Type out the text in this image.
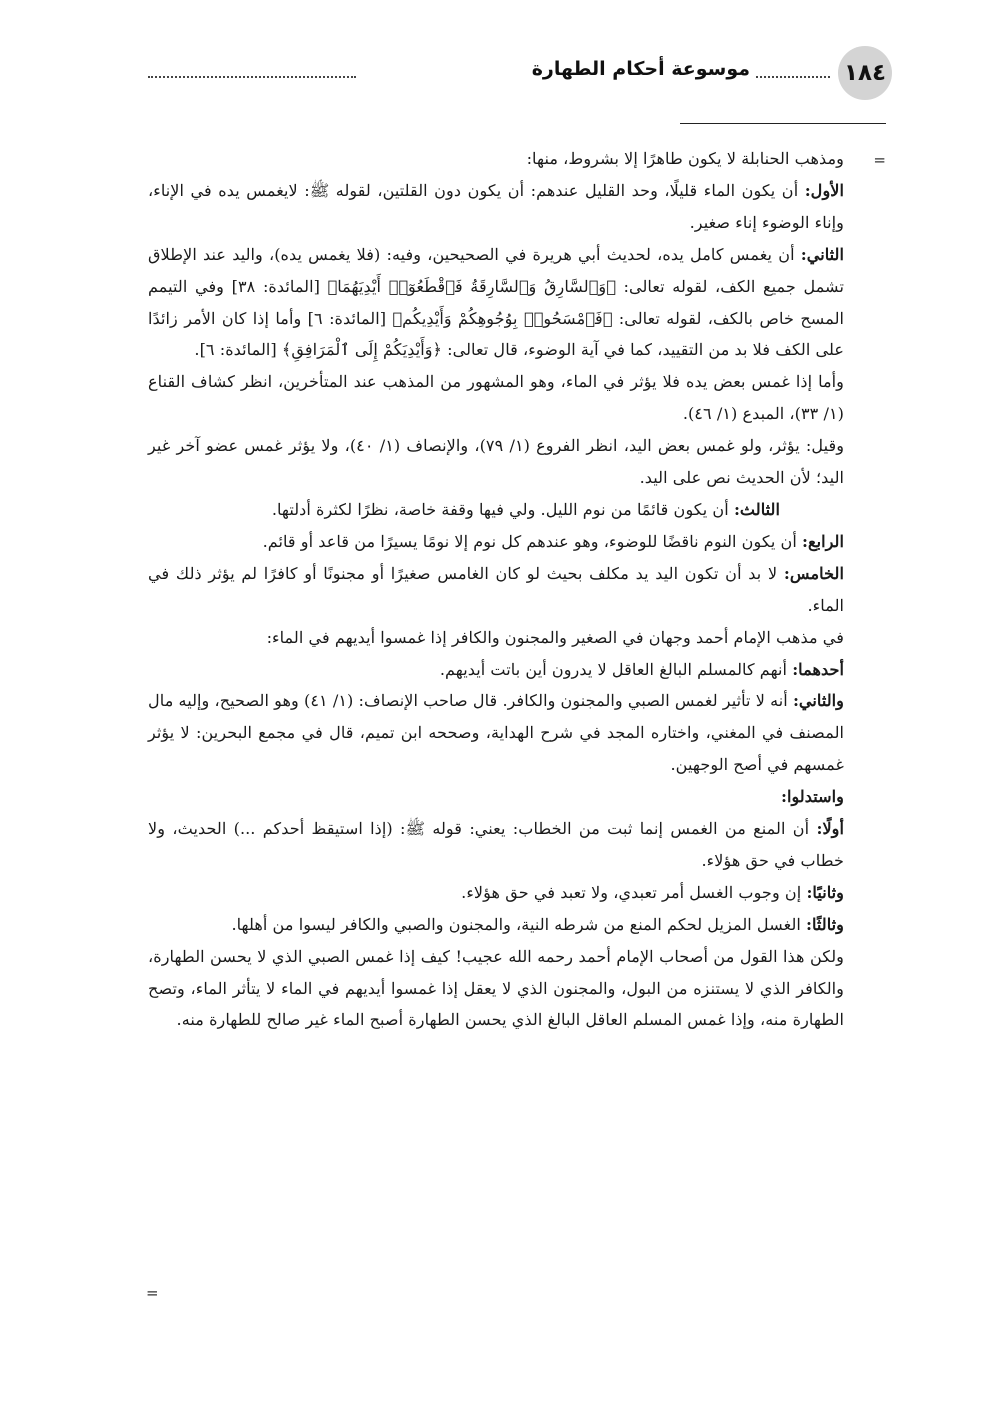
١٨٤
موسوعة أحكام الطهارة
=

ومذهب الحنابلة لا يكون طاهرًا إلا بشروط، منها:

الأول: أن يكون الماء قليلًا، وحد القليل عندهم: أن يكون دون القلتين، لقوله ﷺ: لايغمس يده في الإناء، وإناء الوضوء إناء صغير.

الثاني: أن يغمس كامل يده، لحديث أبي هريرة في الصحيحين، وفيه: (فلا يغمس يده)، واليد عند الإطلاق تشمل جميع الكف، لقوله تعالى: ﴿وَٱلسَّارِقُ وَٱلسَّارِقَةُ فَٱقْطَعُوٓا۟ أَيْدِيَهُمَا﴾ [المائدة: ٣٨] وفي التيمم المسح خاص بالكف، لقوله تعالى: ﴿فَٱمْسَحُوا۟ بِوُجُوهِكُمْ وَأَيْدِيكُم﴾ [المائدة: ٦] وأما إذا كان الأمر زائدًا على الكف فلا بد من التقييد، كما في آية الوضوء، قال تعالى: ﴿وَأَيْدِيَكُمْ إِلَى ٱلْمَرَافِقِ﴾ [المائدة: ٦].

وأما إذا غمس بعض يده فلا يؤثر في الماء، وهو المشهور من المذهب عند المتأخرين، انظر كشاف القناع (١/ ٣٣)، المبدع (١/ ٤٦).

وقيل: يؤثر، ولو غمس بعض اليد، انظر الفروع (١/ ٧٩)، والإنصاف (١/ ٤٠)، ولا يؤثر غمس عضو آخر غير اليد؛ لأن الحديث نص على اليد.

الثالث: أن يكون قائمًا من نوم الليل. ولي فيها وقفة خاصة، نظرًا لكثرة أدلتها.

الرابع: أن يكون النوم ناقضًا للوضوء، وهو عندهم كل نوم إلا نومًا يسيرًا من قاعد أو قائم.

الخامس: لا بد أن تكون اليد يد مكلف بحيث لو كان الغامس صغيرًا أو مجنونًا أو كافرًا لم يؤثر ذلك في الماء.

في مذهب الإمام أحمد وجهان في الصغير والمجنون والكافر إذا غمسوا أيديهم في الماء:

أحدهما: أنهم كالمسلم البالغ العاقل لا يدرون أين باتت أيديهم.

والثاني: أنه لا تأثير لغمس الصبي والمجنون والكافر. قال صاحب الإنصاف: (١/ ٤١) وهو الصحيح، وإليه مال المصنف في المغني، واختاره المجد في شرح الهداية، وصححه ابن تميم، قال في مجمع البحرين: لا يؤثر غمسهم في أصح الوجهين.

واستدلوا:

أولًا: أن المنع من الغمس إنما ثبت من الخطاب: يعني: قوله ﷺ: (إذا استيقظ أحدكم ...) الحديث، ولا خطاب في حق هؤلاء.

وثانيًا: إن وجوب الغسل أمر تعبدي، ولا تعبد في حق هؤلاء.

وثالثًا: الغسل المزيل لحكم المنع من شرطه النية، والمجنون والصبي والكافر ليسوا من أهلها.

ولكن هذا القول من أصحاب الإمام أحمد رحمه الله عجيب! كيف إذا غمس الصبي الذي لا يحسن الطهارة، والكافر الذي لا يستنزه من البول، والمجنون الذي لا يعقل إذا غمسوا أيديهم في الماء لا يتأثر الماء، وتصح الطهارة منه، وإذا غمس المسلم العاقل البالغ الذي يحسن الطهارة أصبح الماء غير صالح للطهارة منه.

=
